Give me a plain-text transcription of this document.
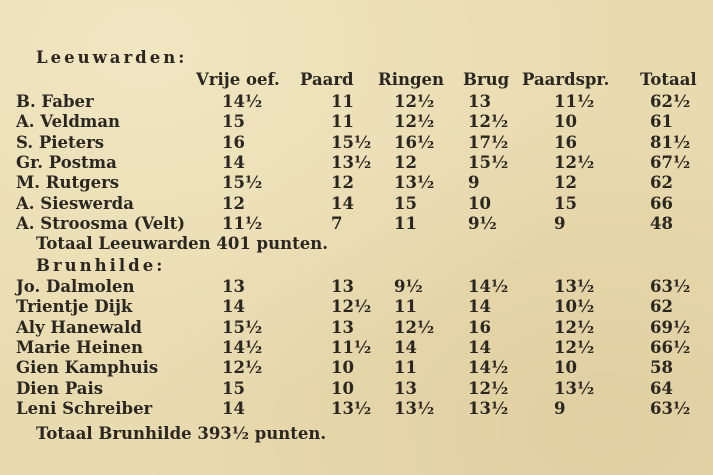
Leeuwarden:
Vrije oef. Paard Ringen Brug Paardspr. Totaal
B. Faber	14½	11 12½ 13	11½	62½
A. Veldman	15	11 12½ 12½	10	61
S. Pieters	16	15½ 16½ 17½	16	81½
Gr. Postma	14	13½ 12	15½	12½	67½
M. Rutgers	15½	12 13½ 9	12	62
A. Sieswerda	12	14 15	10	15	66
A. Stroosma (Velt) 11½	7	11	9½	9	48
Totaal Leeuwarden 401 punten.
Brunhilde:
Jo. Dalmolen	13	13 9½	14½	13½	63½
Trientje Dijk	14	12½ 11	14	10½	62
Aly Hanewald	15½	13 12½ 16	12½	69½
Marie Heinen	14½	11½ 14	14	12½	66½
Gien Kamphuis	12½	10 11	14½	10	58
Dien Pais	15	10 13	12½	13½	64
Leni Schreiber	14	13½ 13½ 13½	9	63½
Totaal Brunhilde 393½ punten.
